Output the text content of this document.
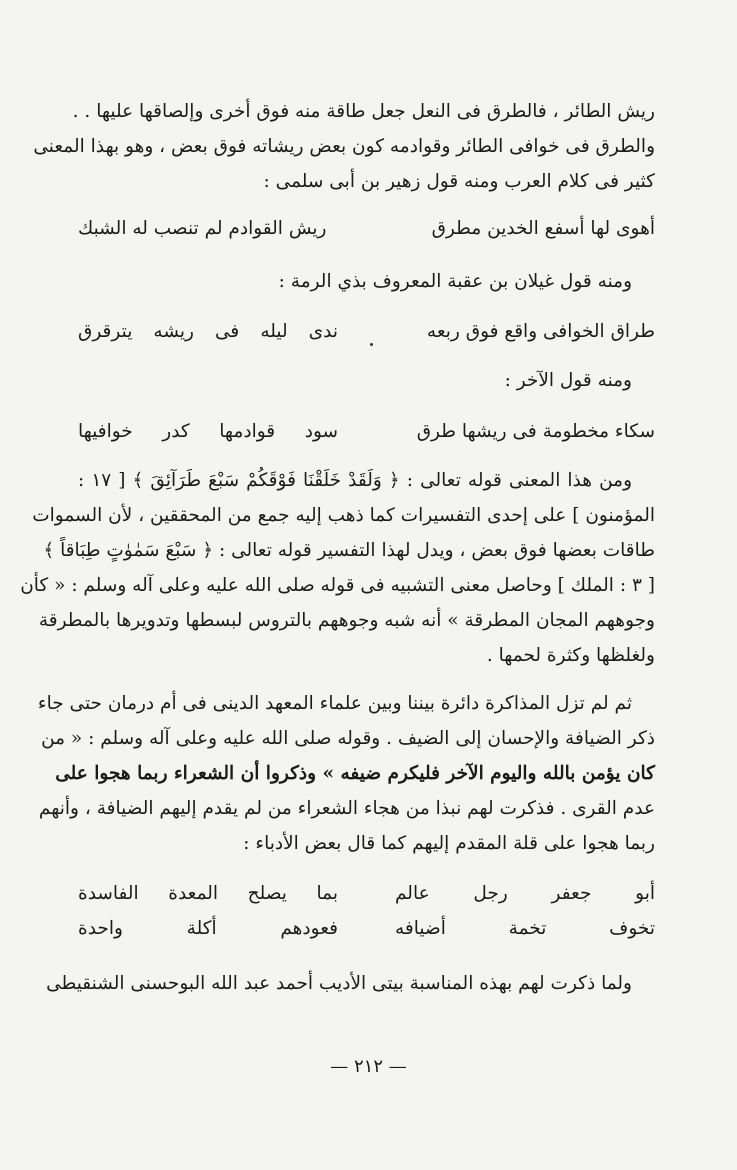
ريش الطائر ، فالطرق فى النعل جعل طاقة منه فوق أخرى وإلصاقها عليها . .
والطرق فى خوافى الطائر وقوادمه كون بعض ريشاته فوق بعض ، وهو بهذا المعنى
كثير فى كلام العرب ومنه قول زهير بن أبى سلمى :
أهوى لها أسفع الخدين مطرق
ريش القوادم لم تنصب له الشبك
ومنه قول غيلان بن عقبة المعروف بذي الرمة :
طراق الخوافى واقع فوق ربعه
ندى ليله فى ريشه يترقرق
ومنه قول الآخر :
سكاء مخطومة فى ريشها طرق
سود قوادمها كدر خوافيها
ومن هذا المعنى قوله تعالى : ﴿ وَلَقَدْ خَلَقْنَا فَوْقَكُمْ سَبْعَ طَرَآئِقَ ﴾ [ ١٧ :
المؤمنون ] على إحدى التفسيرات كما ذهب إليه جمع من المحققين ، لأن السموات
طاقات بعضها فوق بعض ، ويدل لهذا التفسير قوله تعالى : ﴿ سَبْعَ سَمٰوٰتٍ طِبَاقاً ﴾
[ ٣ : الملك ] وحاصل معنى التشبيه فى قوله صلى الله عليه وعلى آله وسلم : « كأن
وجوههم المجان المطرقة » أنه شبه وجوههم بالتروس لبسطها وتدويرها بالمطرقة
ولغلظها وكثرة لحمها .
ثم لم تزل المذاكرة دائرة بيننا وبين علماء المعهد الدينى فى أم درمان حتى جاء
ذكر الضيافة والإحسان إلى الضيف . وقوله صلى الله عليه وعلى آله وسلم : « من
كان يؤمن بالله واليوم الآخر فليكرم ضيفه » وذكروا أن الشعراء ربما هجوا على
عدم القرى . فذكرت لهم نبذا من هجاء الشعراء من لم يقدم إليهم الضيافة ، وأنهم
ربما هجوا على قلة المقدم إليهم كما قال بعض الأدباء :
أبو جعفر رجل عالم
بما يصلح المعدة الفاسدة
تخوف تخمة أضيافه
فعودهم أكلة واحدة
ولما ذكرت لهم بهذه المناسبة بيتى الأديب أحمد عبد الله البوحسنى الشنقيطى
— ٢١٢ —
